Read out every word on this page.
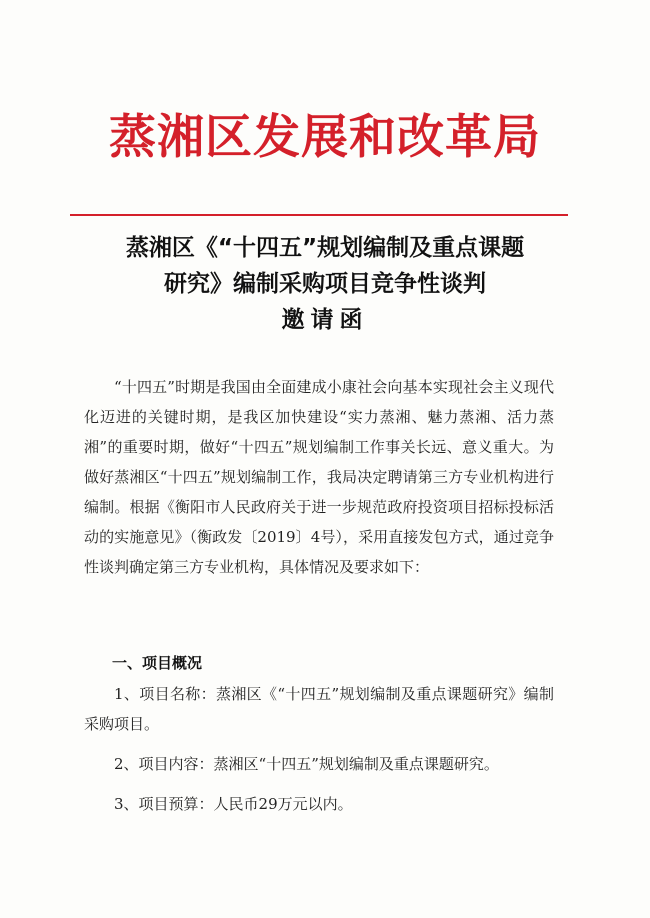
蒸湘区发展和改革局
蒸湘区《“十四五”规划编制及重点课题
研究》编制采购项目竞争性谈判
邀请函

“十四五”时期是我国由全面建成小康社会向基本实现社会主义现代化迈进的关键时期，是我区加快建设“实力蒸湘、魅力蒸湘、活力蒸湘”的重要时期，做好“十四五”规划编制工作事关长远、意义重大。为做好蒸湘区“十四五”规划编制工作，我局决定聘请第三方专业机构进行编制。根据《衡阳市人民政府关于进一步规范政府投资项目招标投标活动的实施意见》（衡政发〔2019〕4号），采用直接发包方式，通过竞争性谈判确定第三方专业机构，具体情况及要求如下：

一、项目概况

1、项目名称：蒸湘区《“十四五”规划编制及重点课题研究》编制采购项目。

2、项目内容：蒸湘区“十四五”规划编制及重点课题研究。

3、项目预算：人民币29万元以内。
